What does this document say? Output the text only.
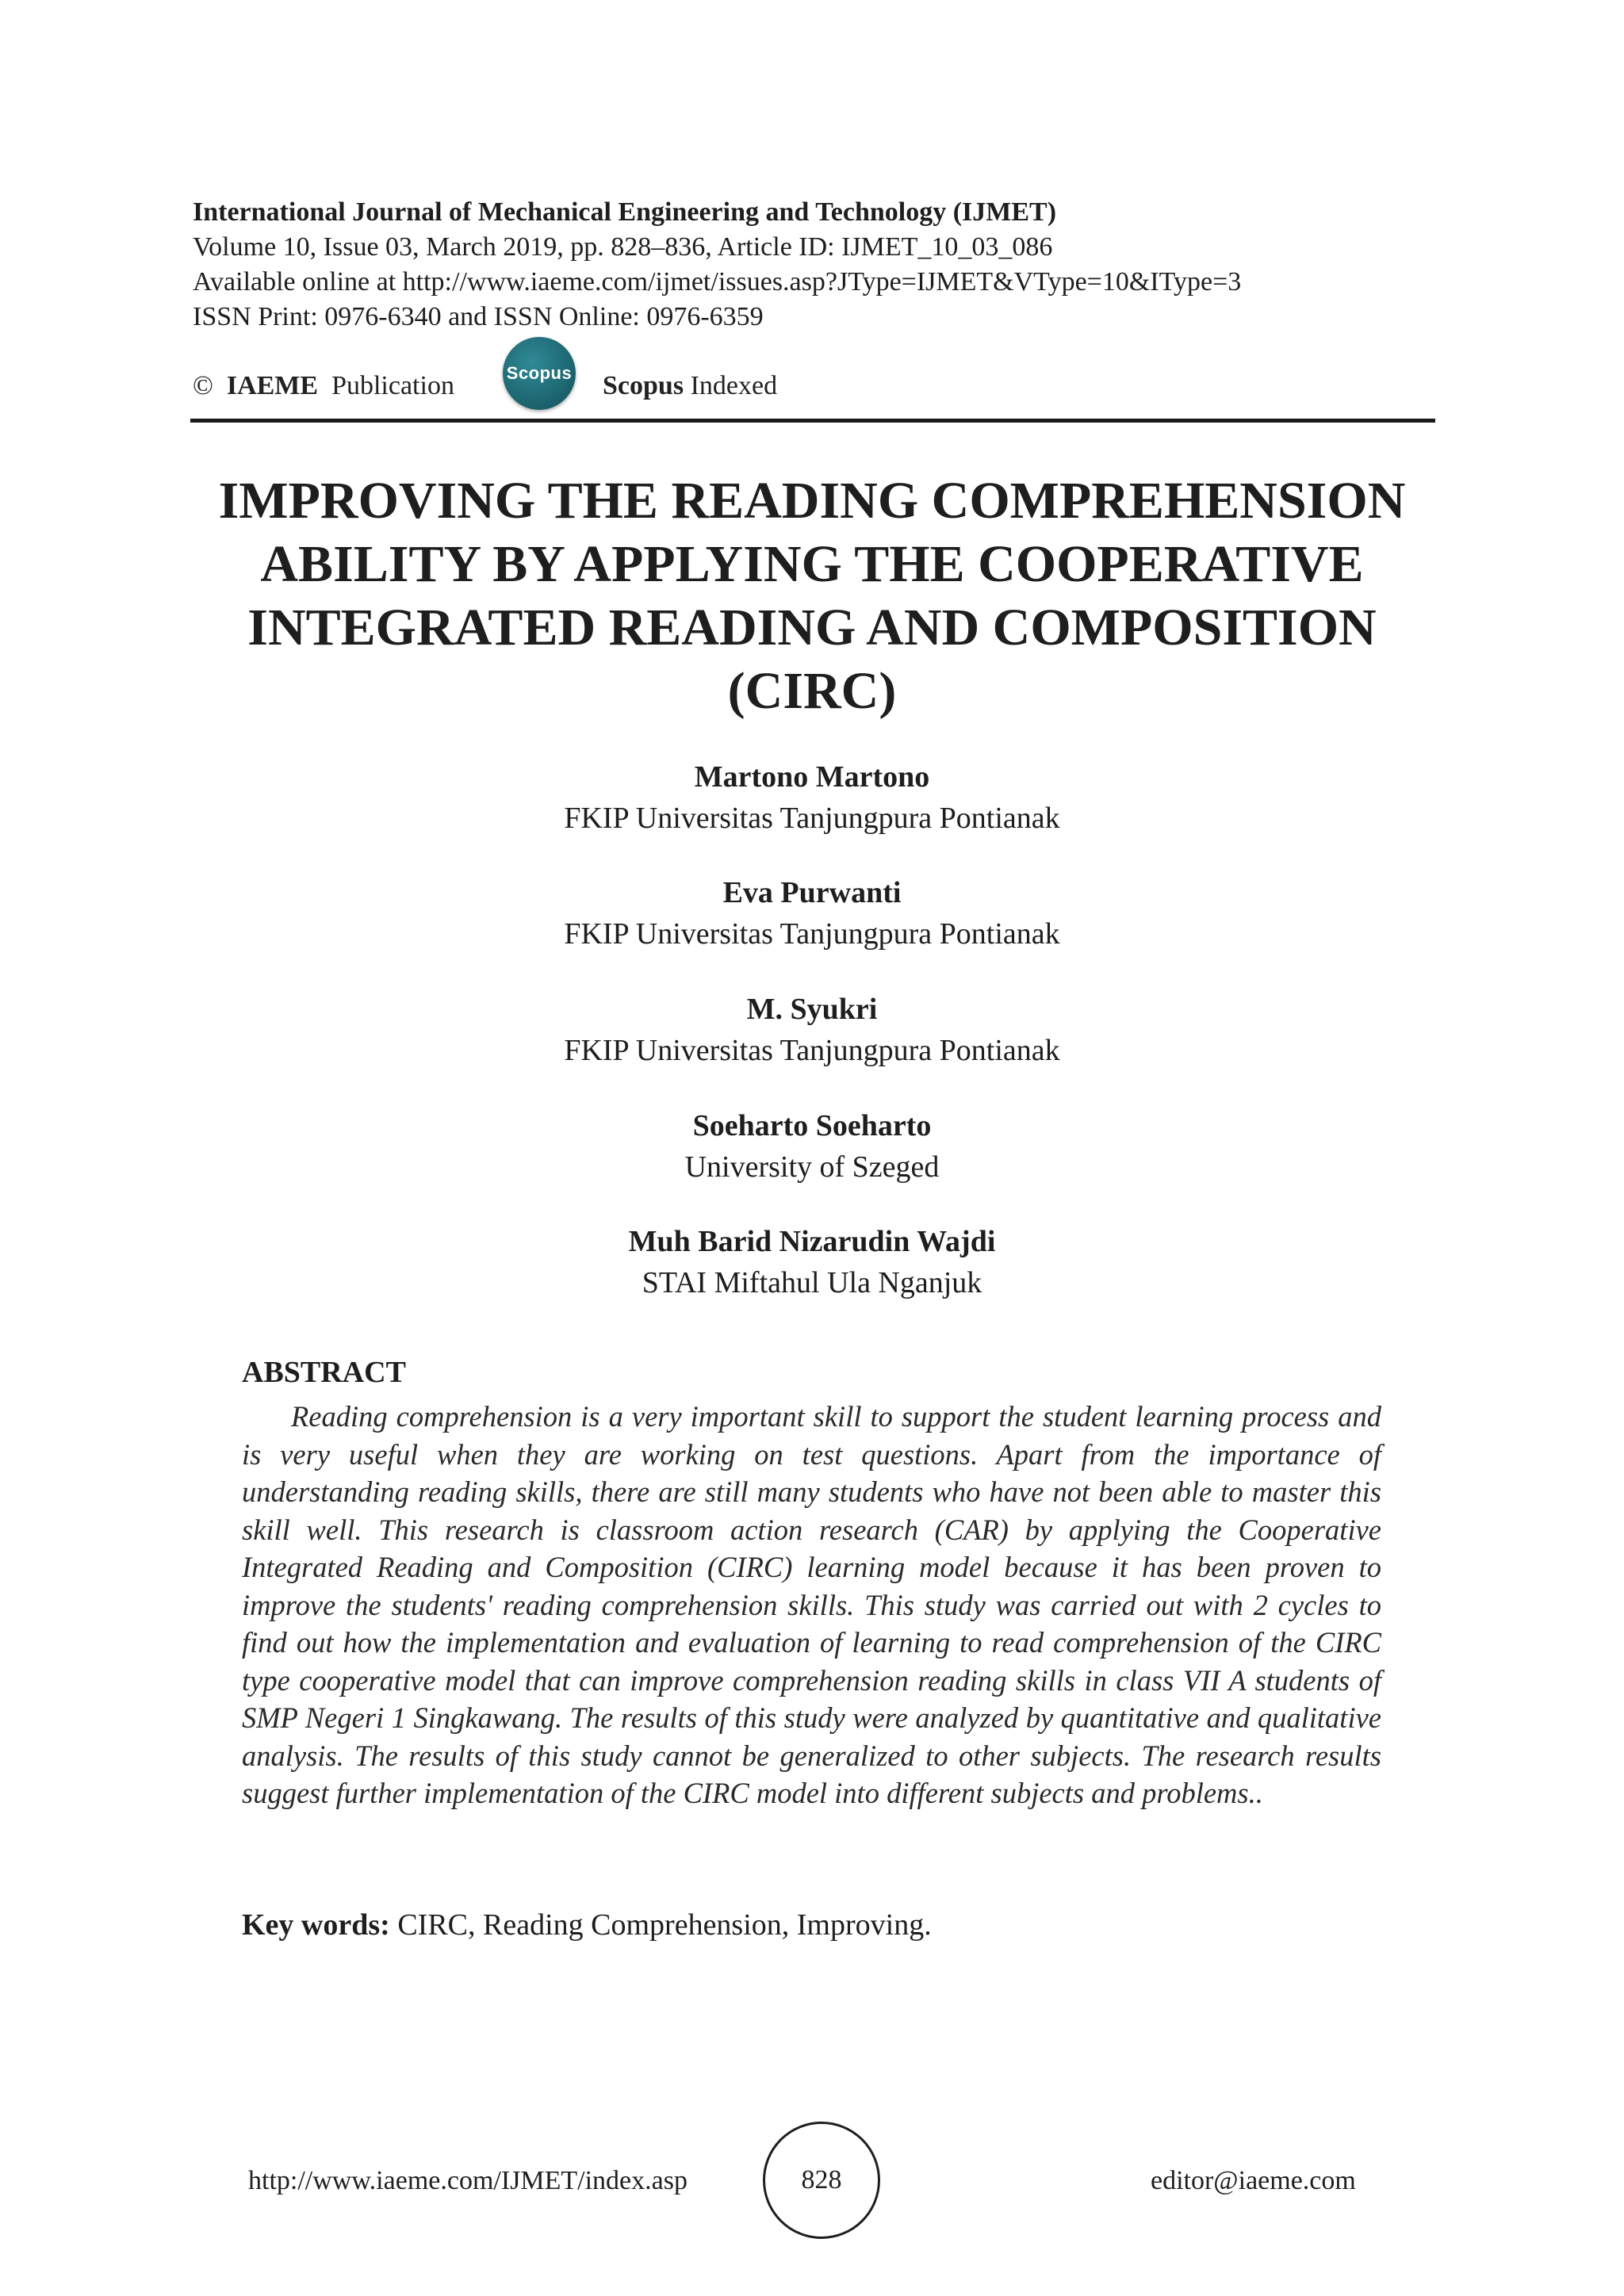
International Journal of Mechanical Engineering and Technology (IJMET)
Volume 10, Issue 03, March 2019, pp. 828–836, Article ID: IJMET_10_03_086
Available online at http://www.iaeme.com/ijmet/issues.asp?JType=IJMET&VType=10&IType=3
ISSN Print: 0976-6340 and ISSN Online: 0976-6359
© IAEME Publication	Scopus Scopus Indexed
IMPROVING THE READING COMPREHENSION ABILITY BY APPLYING THE COOPERATIVE INTEGRATED READING AND COMPOSITION (CIRC)
Martono Martono
FKIP Universitas Tanjungpura Pontianak
Eva Purwanti
FKIP Universitas Tanjungpura Pontianak
M. Syukri
FKIP Universitas Tanjungpura Pontianak
Soeharto Soeharto
University of Szeged
Muh Barid Nizarudin Wajdi
STAI Miftahul Ula Nganjuk
ABSTRACT
Reading comprehension is a very important skill to support the student learning process and is very useful when they are working on test questions. Apart from the importance of understanding reading skills, there are still many students who have not been able to master this skill well. This research is classroom action research (CAR) by applying the Cooperative Integrated Reading and Composition (CIRC) learning model because it has been proven to improve the students' reading comprehension skills. This study was carried out with 2 cycles to find out how the implementation and evaluation of learning to read comprehension of the CIRC type cooperative model that can improve comprehension reading skills in class VII A students of SMP Negeri 1 Singkawang. The results of this study were analyzed by quantitative and qualitative analysis. The results of this study cannot be generalized to other subjects. The research results suggest further implementation of the CIRC model into different subjects and problems..
Key words: CIRC, Reading Comprehension, Improving.
http://www.iaeme.com/IJMET/index.asp	828	editor@iaeme.com
